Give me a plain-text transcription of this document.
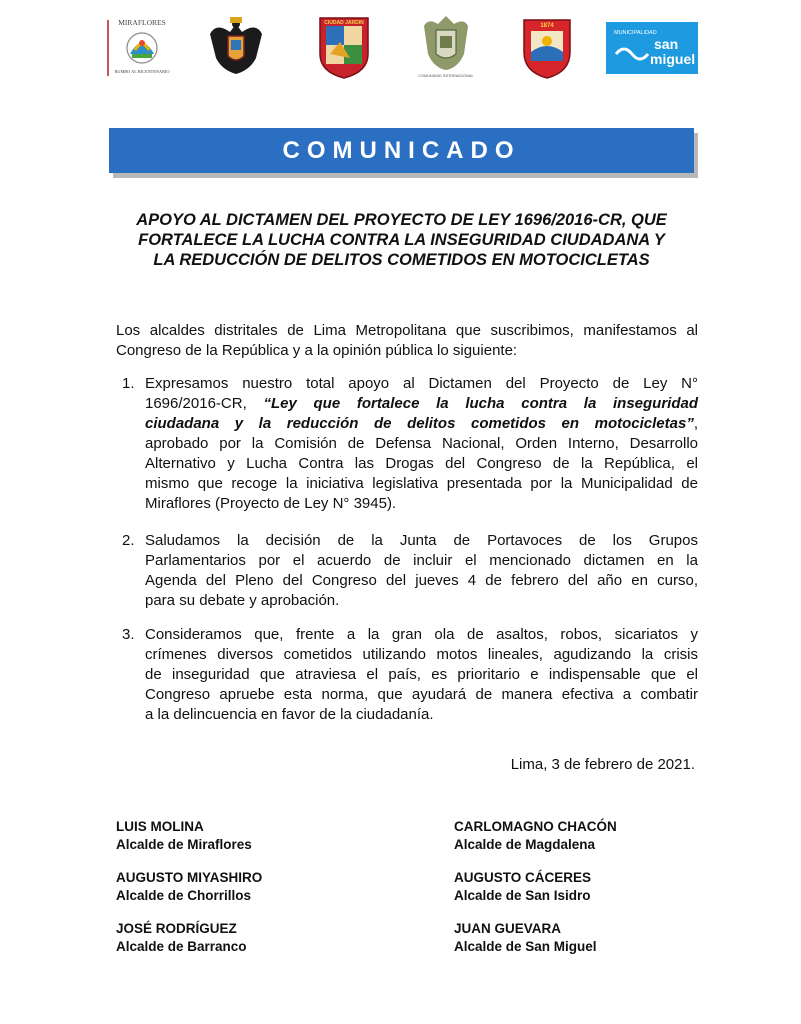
MIRAFLORES
RUMBO AL BICENTENARIO
CIUDAD JARDIN
COMUNIDAD INTERNACIONAL
1874
MUNICIPALIDAD
san
miguel
COMUNICADO
APOYO AL DICTAMEN DEL PROYECTO DE LEY 1696/2016-CR, QUE
FORTALECE LA LUCHA CONTRA LA INSEGURIDAD CIUDADANA Y
LA REDUCCIÓN DE DELITOS COMETIDOS EN MOTOCICLETAS
Los alcaldes distritales de Lima Metropolitana que suscribimos, manifestamos al
Congreso de la República y a la opinión pública lo siguiente:
1. Expresamos nuestro total apoyo al Dictamen del Proyecto de Ley N°
1696/2016-CR, “Ley que fortalece la lucha contra la inseguridad
ciudadana y la reducción de delitos cometidos en motocicletas”,
aprobado por la Comisión de Defensa Nacional, Orden Interno, Desarrollo
Alternativo y Lucha Contra las Drogas del Congreso de la República, el
mismo que recoge la iniciativa legislativa presentada por la Municipalidad de
Miraflores (Proyecto de Ley N° 3945).
2. Saludamos la decisión de la Junta de Portavoces de los Grupos
Parlamentarios por el acuerdo de incluir el mencionado dictamen en la
Agenda del Pleno del Congreso del jueves 4 de febrero del año en curso,
para su debate y aprobación.
3. Consideramos que, frente a la gran ola de asaltos, robos, sicariatos y
crímenes diversos cometidos utilizando motos lineales, agudizando la crisis
de inseguridad que atraviesa el país, es prioritario e indispensable que el
Congreso apruebe esta norma, que ayudará de manera efectiva a combatir
a la delincuencia en favor de la ciudadanía.
Lima, 3 de febrero de 2021.
LUIS MOLINA
Alcalde de Miraflores
CARLOMAGNO CHACÓN
Alcalde de Magdalena
AUGUSTO MIYASHIRO
Alcalde de Chorrillos
AUGUSTO CÁCERES
Alcalde de San Isidro
JOSÉ RODRÍGUEZ
Alcalde de Barranco
JUAN GUEVARA
Alcalde de San Miguel
